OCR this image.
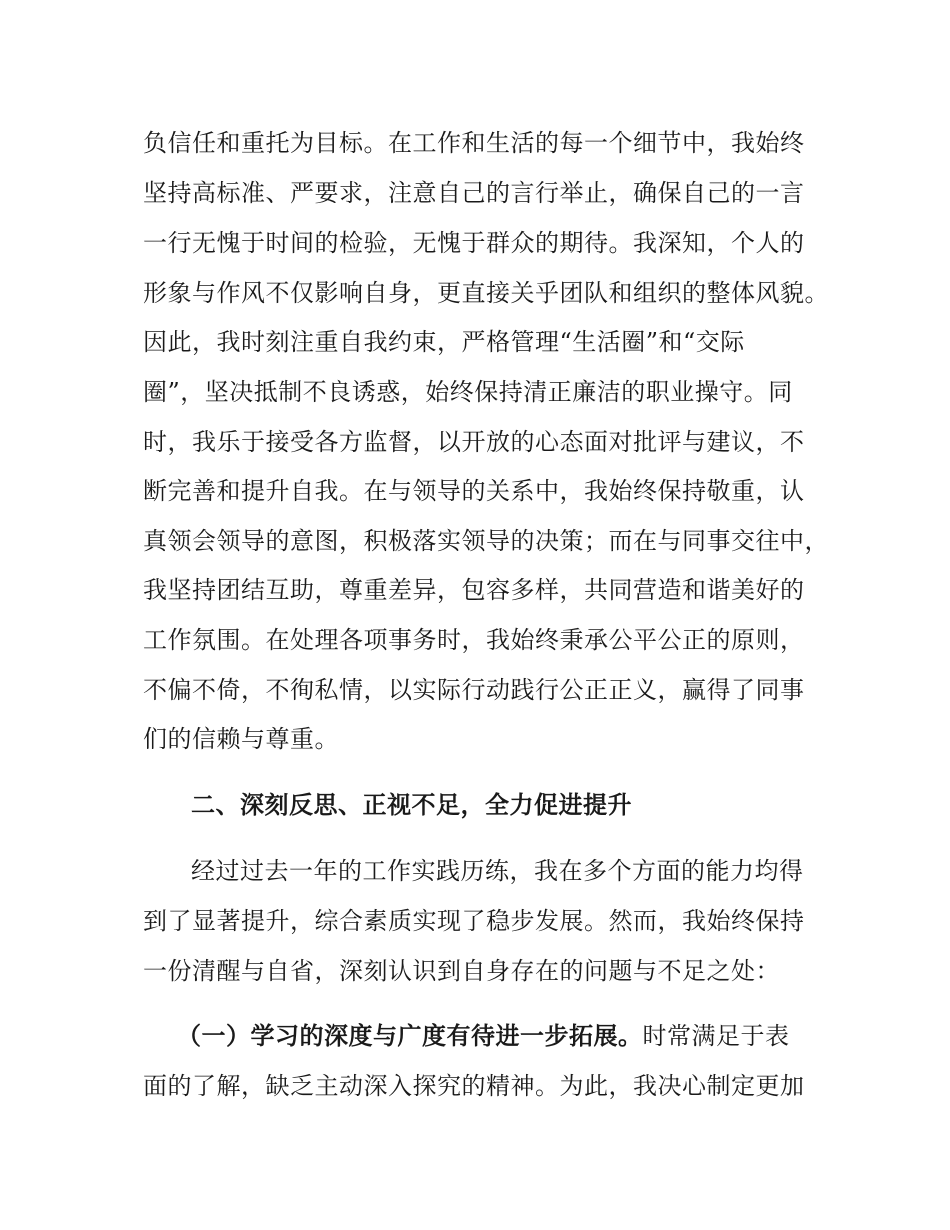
负信任和重托为目标。在工作和生活的每一个细节中，我始终
坚持高标准、严要求，注意自己的言行举止，确保自己的一言
一行无愧于时间的检验，无愧于群众的期待。我深知，个人的
形象与作风不仅影响自身，更直接关乎团队和组织的整体风貌。
因此，我时刻注重自我约束，严格管理“生活圈”和“交际
圈”，坚决抵制不良诱惑，始终保持清正廉洁的职业操守。同
时，我乐于接受各方监督，以开放的心态面对批评与建议，不
断完善和提升自我。在与领导的关系中，我始终保持敬重，认
真领会领导的意图，积极落实领导的决策；而在与同事交往中，
我坚持团结互助，尊重差异，包容多样，共同营造和谐美好的
工作氛围。在处理各项事务时，我始终秉承公平公正的原则，
不偏不倚，不徇私情，以实际行动践行公正正义，赢得了同事
们的信赖与尊重。
二、深刻反思、正视不足，全力促进提升
经过过去一年的工作实践历练，我在多个方面的能力均得
到了显著提升，综合素质实现了稳步发展。然而，我始终保持
一份清醒与自省，深刻认识到自身存在的问题与不足之处：
（一）学习的深度与广度有待进一步拓展。时常满足于表
面的了解，缺乏主动深入探究的精神。为此，我决心制定更加
